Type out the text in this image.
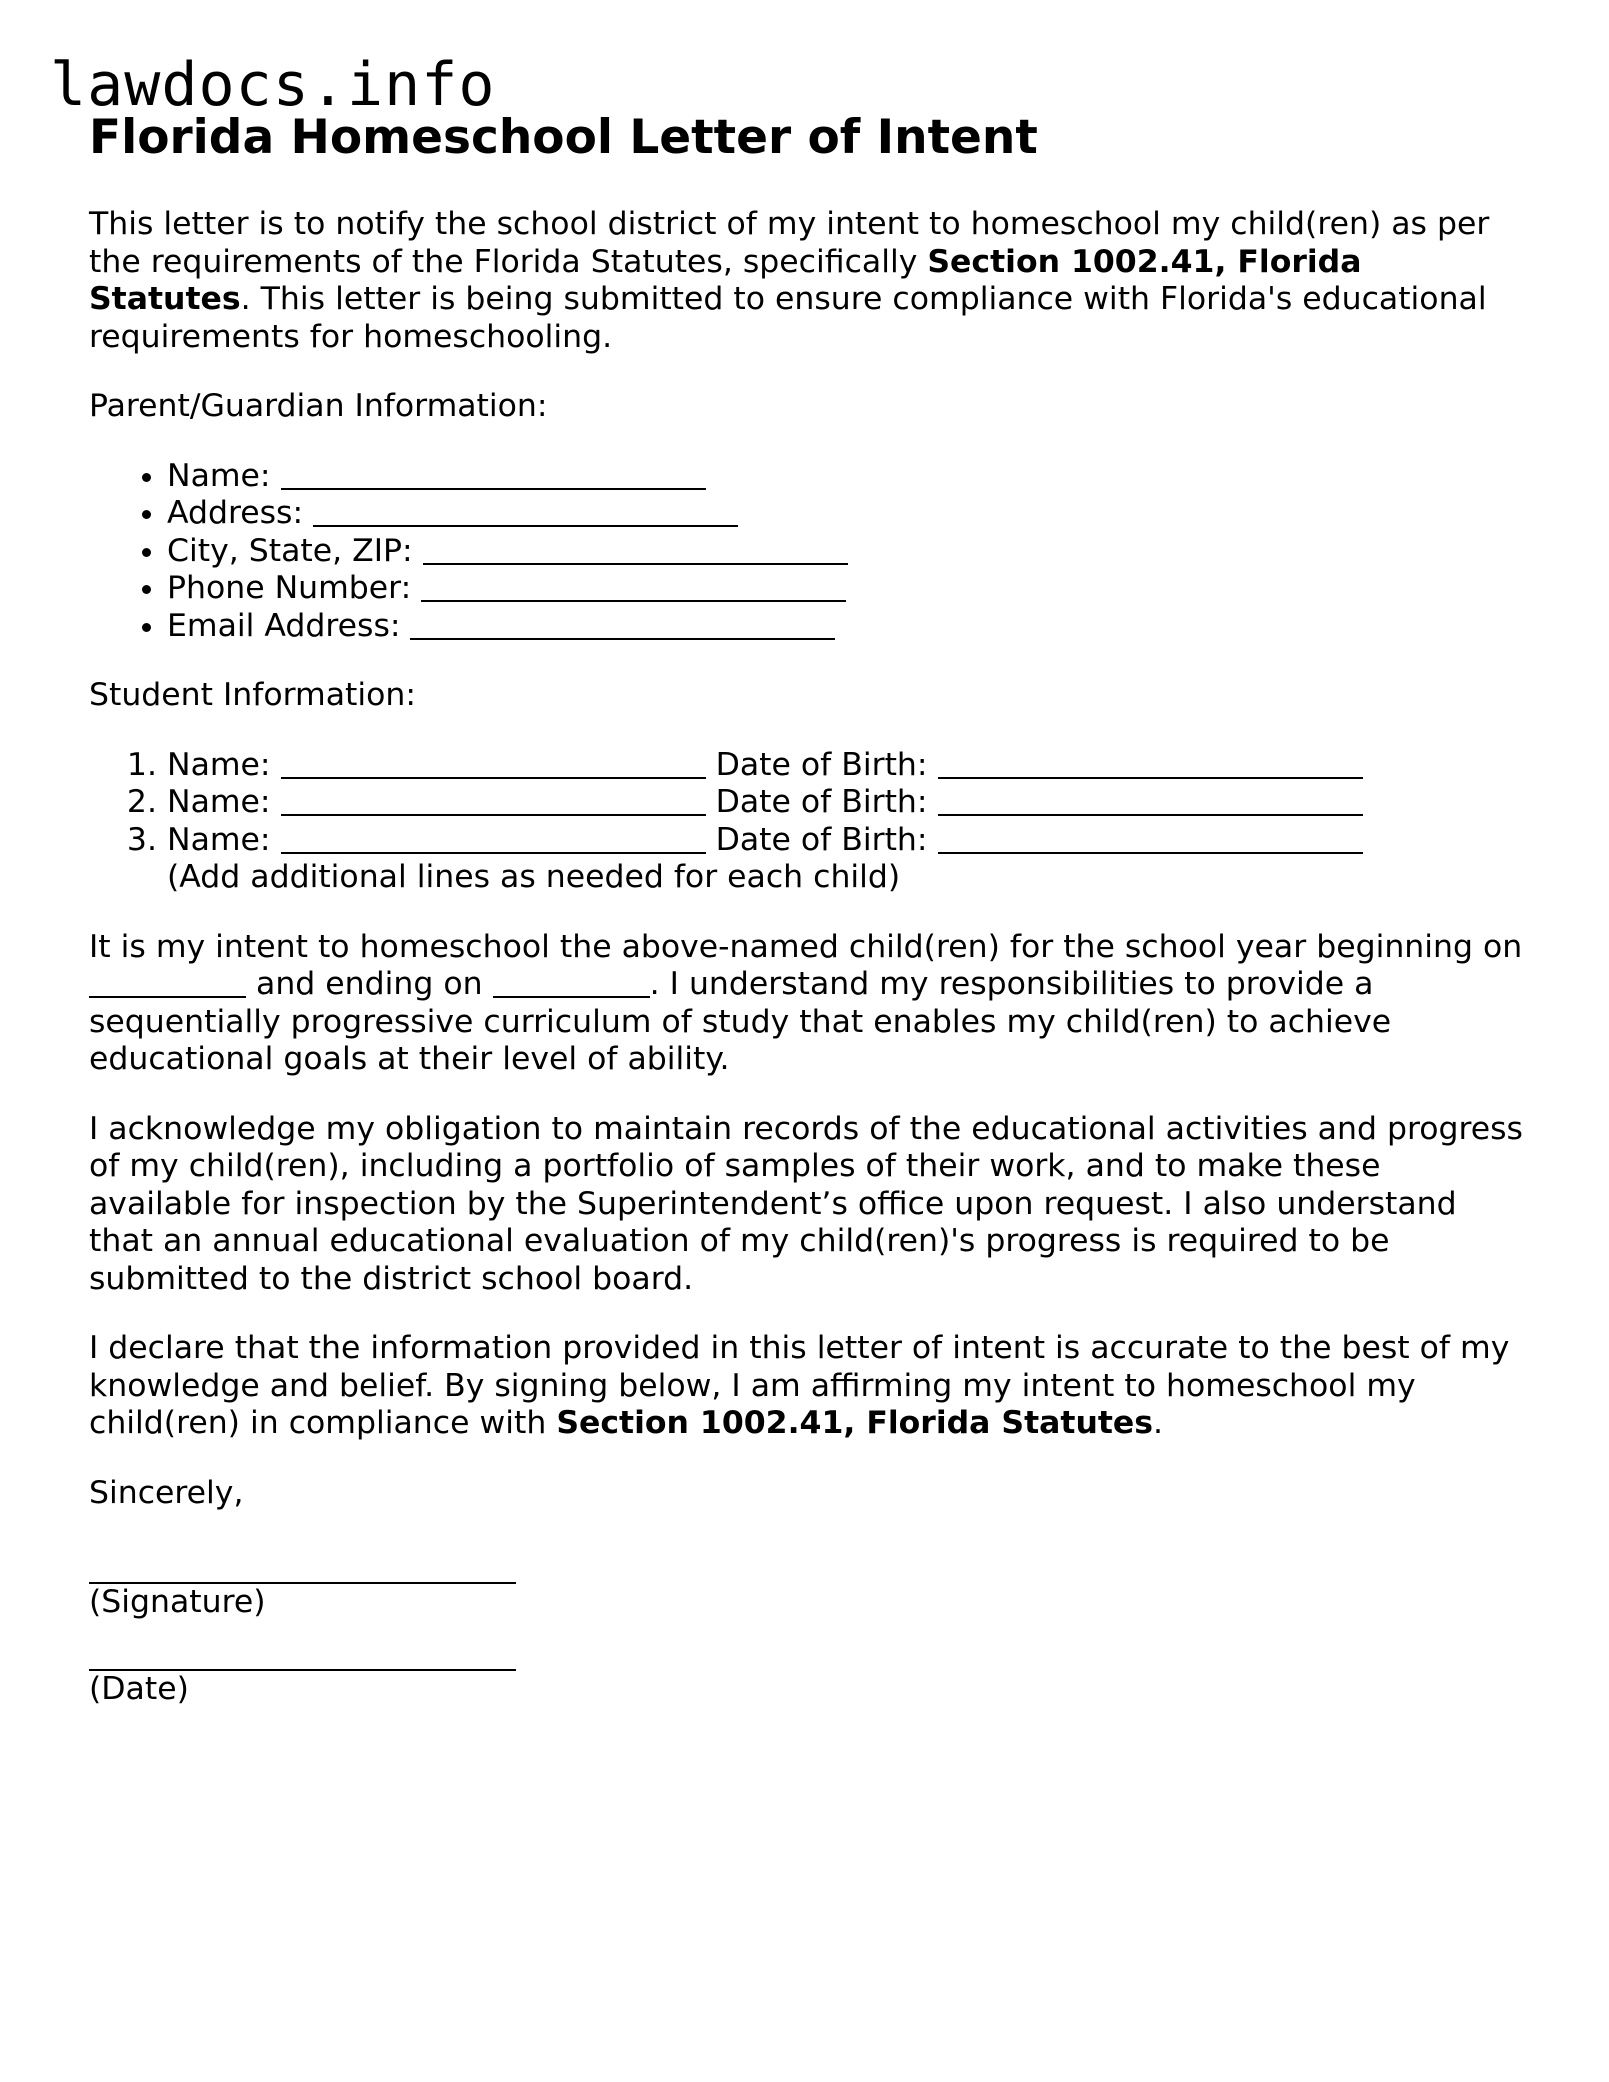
lawdocs.info
Florida Homeschool Letter of Intent

This letter is to notify the school district of my intent to homeschool my child(ren) as per the requirements of the Florida Statutes, specifically Section 1002.41, Florida Statutes. This letter is being submitted to ensure compliance with Florida's educational requirements for homeschooling.

Parent/Guardian Information:

• Name:
• Address:
• City, State, ZIP:
• Phone Number:
• Email Address:

Student Information:

1. Name:	Date of Birth:
2. Name:	Date of Birth:
3. Name:	Date of Birth:

(Add additional lines as needed for each child)

It is my intent to homeschool the above-named child(ren) for the school year beginning on  and ending on	. I understand my responsibilities to provide a sequentially progressive curriculum of study that enables my child(ren) to achieve educational goals at their level of ability.

I acknowledge my obligation to maintain records of the educational activities and progress of my child(ren), including a portfolio of samples of their work, and to make these available for inspection by the Superintendent’s office upon request. I also understand that an annual educational evaluation of my child(ren)'s progress is required to be submitted to the district school board.

I declare that the information provided in this letter of intent is accurate to the best of my knowledge and belief. By signing below, I am affirming my intent to homeschool my child(ren) in compliance with Section 1002.41, Florida Statutes.

Sincerely,

(Signature)

(Date)
